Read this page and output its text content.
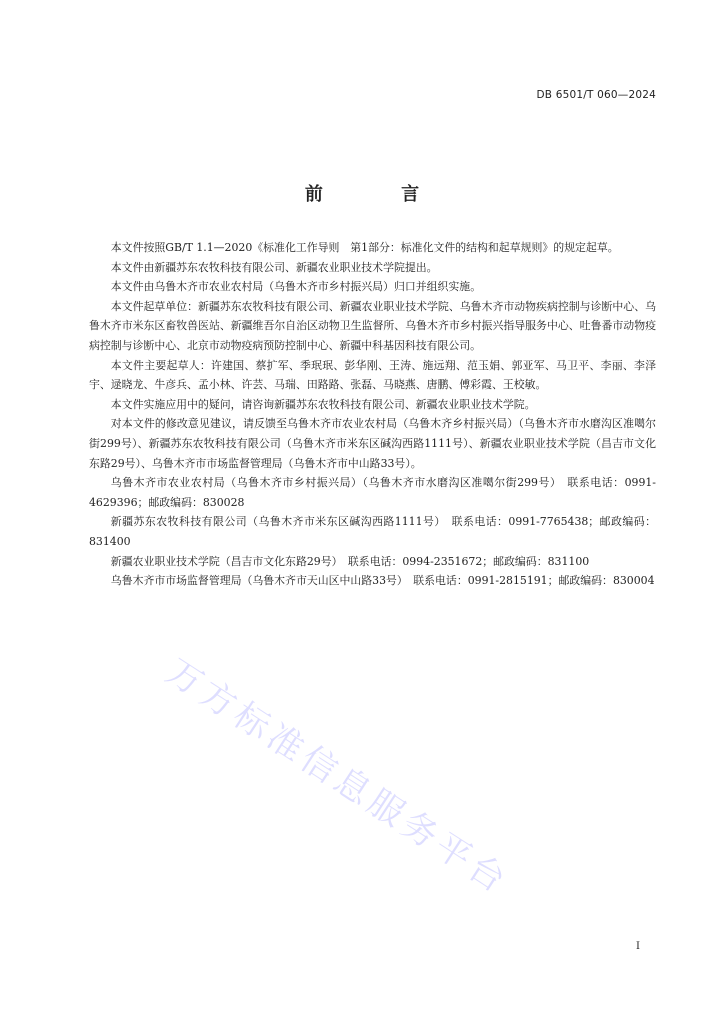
DB 6501/T 060—2024
前 言

本文件按照GB/T 1.1—2020《标准化工作导则　第1部分：标准化文件的结构和起草规则》的规定起草。

本文件由新疆苏东农牧科技有限公司、新疆农业职业技术学院提出。

本文件由乌鲁木齐市农业农村局（乌鲁木齐市乡村振兴局）归口并组织实施。

本文件起草单位：新疆苏东农牧科技有限公司、新疆农业职业技术学院、乌鲁木齐市动物疾病控制与诊断中心、乌鲁木齐市米东区畜牧兽医站、新疆维吾尔自治区动物卫生监督所、乌鲁木齐市乡村振兴指导服务中心、吐鲁番市动物疫病控制与诊断中心、北京市动物疫病预防控制中心、新疆中科基因科技有限公司。

本文件主要起草人：许建国、蔡扩军、季珉珉、彭华刚、王涛、施远翔、范玉娟、郭亚军、马卫平、李丽、李泽宇、逯晓龙、牛彦兵、孟小林、许芸、马瑞、田路路、张磊、马晓燕、唐鹏、傅彩霞、王校敏。

本文件实施应用中的疑问，请咨询新疆苏东农牧科技有限公司、新疆农业职业技术学院。

对本文件的修改意见建议，请反馈至乌鲁木齐市农业农村局（乌鲁木齐乡村振兴局）（乌鲁木齐市水磨沟区准噶尔街299号）、新疆苏东农牧科技有限公司（乌鲁木齐市米东区碱沟西路1111号）、新疆农业职业技术学院（昌吉市文化东路29号）、乌鲁木齐市市场监督管理局（乌鲁木齐市中山路33号）。

乌鲁木齐市农业农村局（乌鲁木齐市乡村振兴局）（乌鲁木齐市水磨沟区准噶尔街299号）　联系电话：0991-4629396；邮政编码：830028

新疆苏东农牧科技有限公司（乌鲁木齐市米东区碱沟西路1111号）　联系电话：0991-7765438；邮政编码：831400

新疆农业职业技术学院（昌吉市文化东路29号）　联系电话：0994-2351672；邮政编码：831100

乌鲁木齐市市场监督管理局（乌鲁木齐市天山区中山路33号）　联系电话：0991-2815191；邮政编码：830004

万方标准信息服务平台
I
